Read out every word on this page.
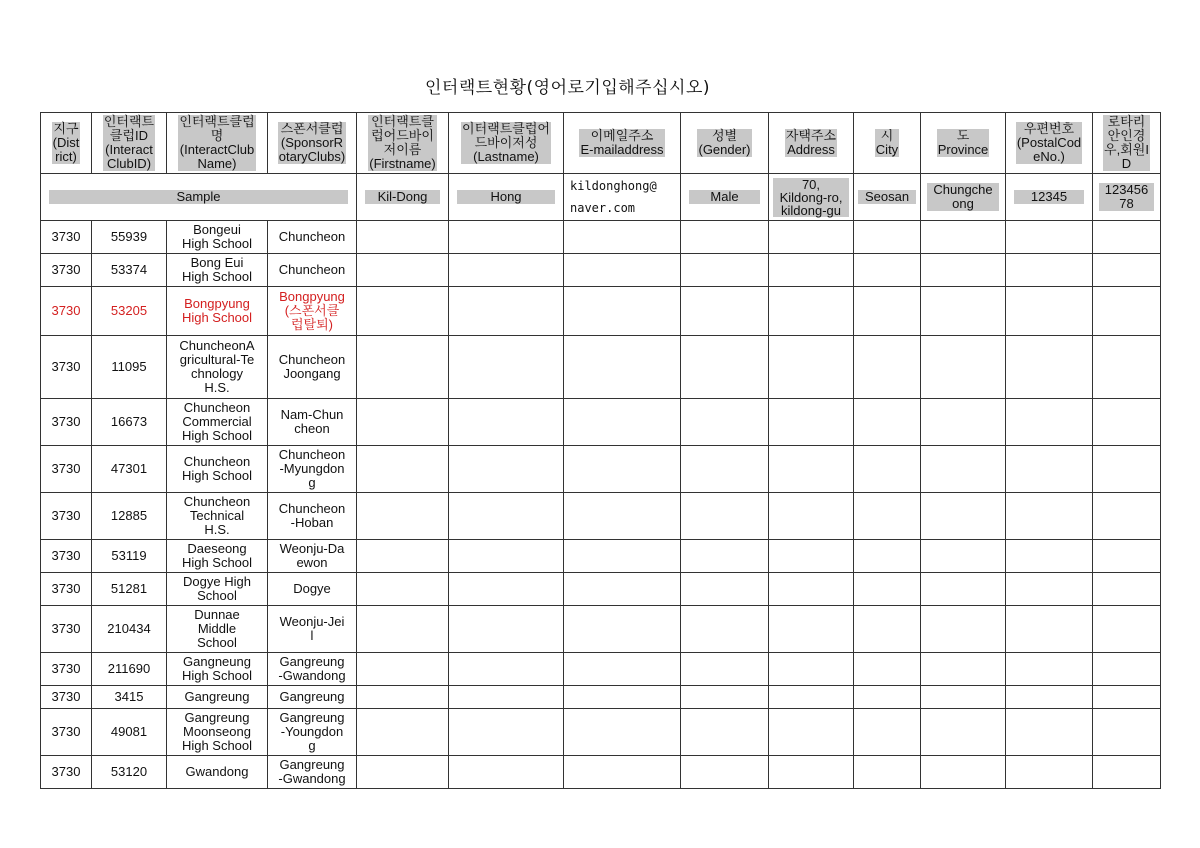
인터랙트현황(영어로기입해주십시오)
지구
(Dist
rict)	인터랙트
클럽ID
(Interact
ClubID)	인터랙트클럽
명
(InteractClub
Name)	스폰서클럽
(SponsorR
otaryClubs)	인터랙트클
럽어드바이
저이름
(Firstname)	이터랙트클럽어
드바이저성
(Lastname)	이메일주소
E-mailaddress	성별
(Gender)	자택주소
Address	시
City	도
Province	우편번호
(PostalCod
eNo.)	로타리
안인경
우,회원I
D

Sample				Kil-Dong	Hong	kildonghong@
naver.com	Male	70,
Kildong-ro,
kildong-gu	Seosan	Chungche
ong	12345	123456
78

3730	55939	Bongeui
High School	Chuncheon									
3730	53374	Bong Eui
High School	Chuncheon									
3730	53205	Bongpyung
High School	Bongpyung
(스폰서클
럽탈퇴)									
3730	11095	ChuncheonA
gricultural-Te
chnology
H.S.	Chuncheon
Joongang									
3730	16673	Chuncheon
Commercial
High School	Nam-Chun
cheon									
3730	47301	Chuncheon
High School	Chuncheon
-Myungdon
g									
3730	12885	Chuncheon
Technical
H.S.	Chuncheon
-Hoban									
3730	53119	Daeseong
High School	Weonju-Da
ewon									
3730	51281	Dogye High
School	Dogye									
3730	210434	Dunnae
Middle
School	Weonju-Jei
l									
3730	211690	Gangneung
High School	Gangreung
-Gwandong									
3730	3415	Gangreung	Gangreung									
3730	49081	Gangreung
Moonseong
High School	Gangreung
-Youngdon
g									
3730	53120	Gwandong	Gangreung
-Gwandong									
